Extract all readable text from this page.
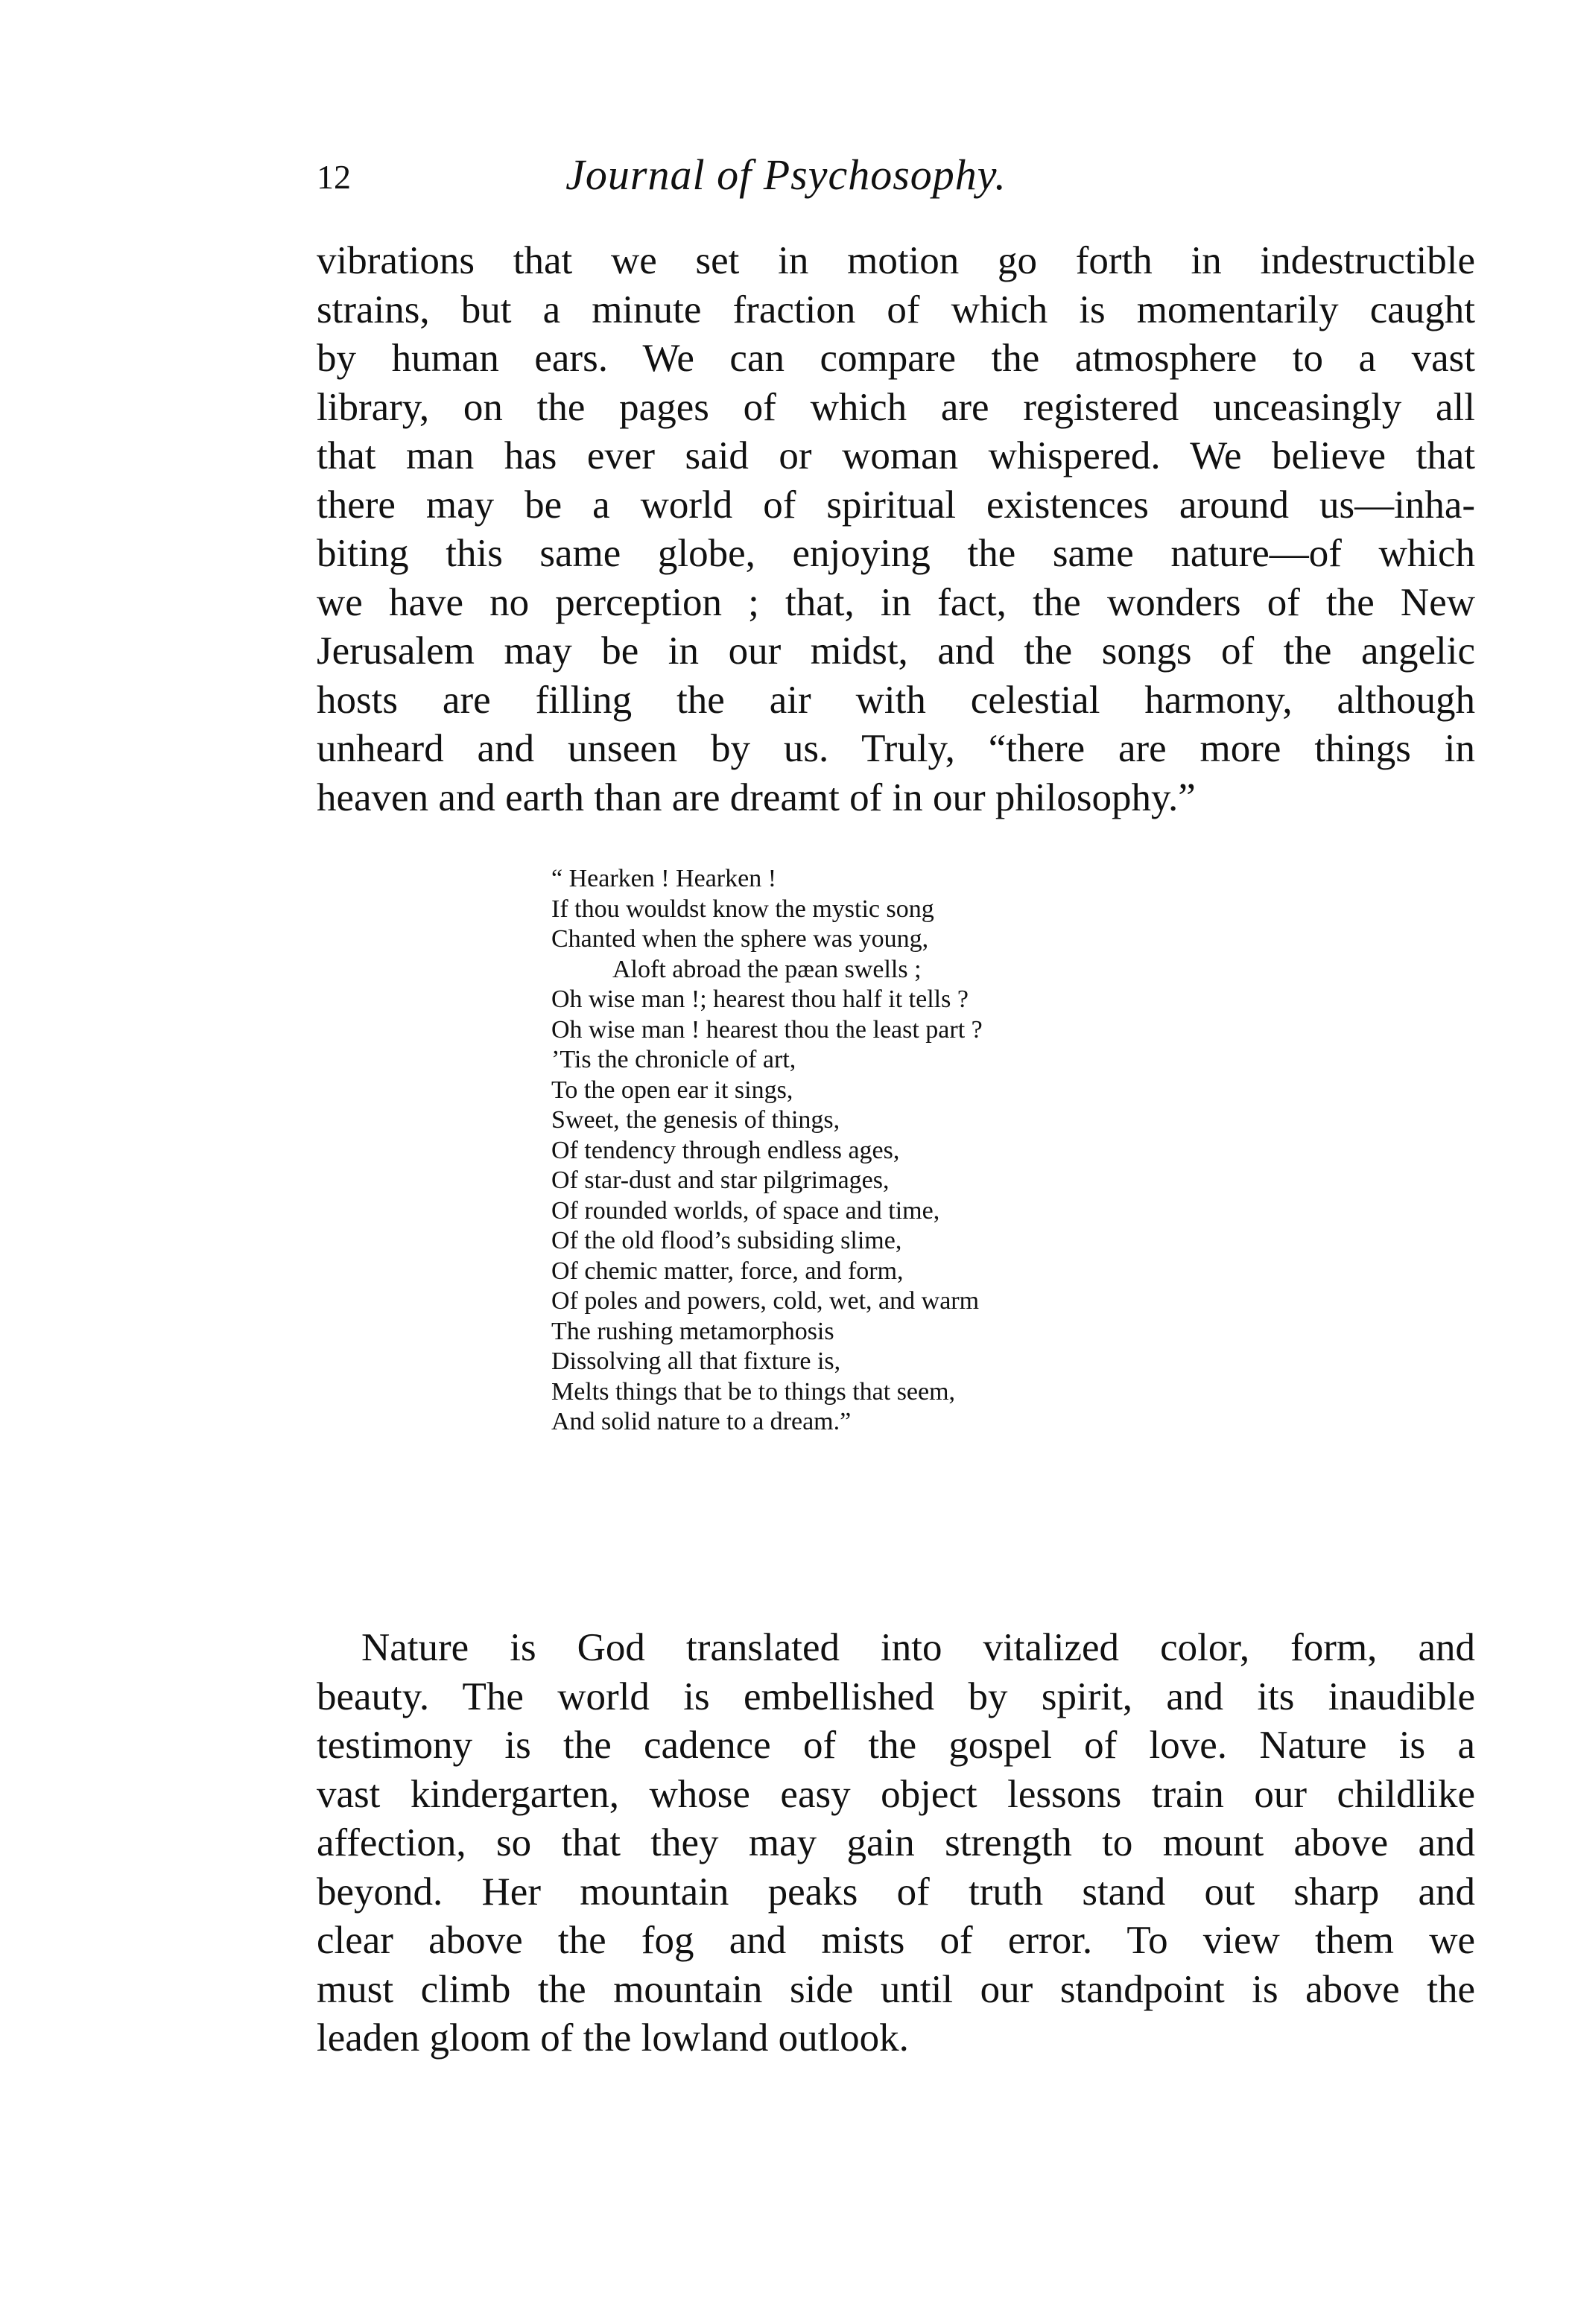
12	Journal of Psychosophy.

vibrations that we set in motion go forth in indestructible
strains, but a minute fraction of which is momentarily caught
by human ears. We can compare the atmosphere to a vast
library, on the pages of which are registered unceasingly all
that man has ever said or woman whispered. We believe that
there may be a world of spiritual existences around us—inha-
biting this same globe, enjoying the same nature—of which
we have no perception ; that, in fact, the wonders of the New
Jerusalem may be in our midst, and the songs of the angelic
hosts are filling the air with celestial harmony, although
unheard and unseen by us. Truly, “there are more things in
heaven and earth than are dreamt of in our philosophy.”
“ Hearken ! Hearken !
If thou wouldst know the mystic song
Chanted when the sphere was young,
Aloft abroad the pæan swells ;
Oh wise man !; hearest thou half it tells ?
Oh wise man ! hearest thou the least part ?
’Tis the chronicle of art,
To the open ear it sings,
Sweet, the genesis of things,
Of tendency through endless ages,
Of star-dust and star pilgrimages,
Of rounded worlds, of space and time,
Of the old flood’s subsiding slime,
Of chemic matter, force, and form,
Of poles and powers, cold, wet, and warm
The rushing metamorphosis
Dissolving all that fixture is,
Melts things that be to things that seem,
And solid nature to a dream.”
Nature is God translated into vitalized color, form, and
beauty. The world is embellished by spirit, and its inaudible
testimony is the cadence of the gospel of love. Nature is a
vast kindergarten, whose easy object lessons train our childlike
affection, so that they may gain strength to mount above and
beyond. Her mountain peaks of truth stand out sharp and
clear above the fog and mists of error. To view them we
must climb the mountain side until our standpoint is above the
leaden gloom of the lowland outlook.
